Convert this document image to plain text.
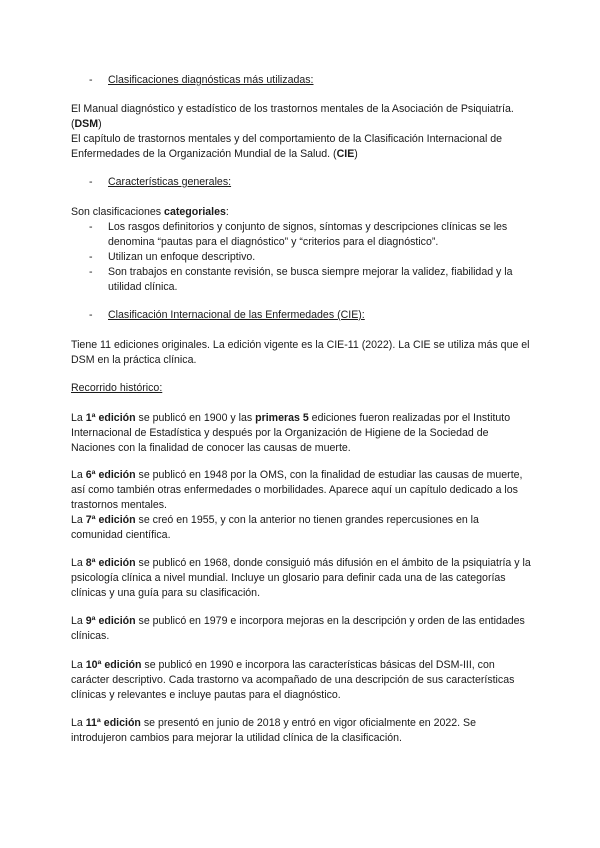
- Clasificaciones diagnósticas más utilizadas:

El Manual diagnóstico y estadístico de los trastornos mentales de la Asociación de Psiquiatría. (DSM)

El capítulo de trastornos mentales y del comportamiento de la Clasificación Internacional de Enfermedades de la Organización Mundial de la Salud. (CIE)

- Características generales:

Son clasificaciones categoriales:

- Los rasgos definitorios y conjunto de signos, síntomas y descripciones clínicas se les denomina “pautas para el diagnóstico” y “criterios para el diagnóstico”.
- Utilizan un enfoque descriptivo.
- Son trabajos en constante revisión, se busca siempre mejorar la validez, fiabilidad y la utilidad clínica.
- Clasificación Internacional de las Enfermedades (CIE):

Tiene 11 ediciones originales. La edición vigente es la CIE-11 (2022). La CIE se utiliza más que el DSM en la práctica clínica.

Recorrido histórico:

La 1ª edición se publicó en 1900 y las primeras 5 ediciones fueron realizadas por el Instituto Internacional de Estadística y después por la Organización de Higiene de la Sociedad de Naciones con la finalidad de conocer las causas de muerte.

La 6ª edición se publicó en 1948 por la OMS, con la finalidad de estudiar las causas de muerte, así como también otras enfermedades o morbilidades. Aparece aquí un capítulo dedicado a los trastornos mentales.

La 7ª edición se creó en 1955, y con la anterior no tienen grandes repercusiones en la comunidad científica.

La 8ª edición se publicó en 1968, donde consiguió más difusión en el ámbito de la psiquiatría y la psicología clínica a nivel mundial. Incluye un glosario para definir cada una de las categorías clínicas y una guía para su clasificación.

La 9ª edición se publicó en 1979 e incorpora mejoras en la descripción y orden de las entidades clínicas.

La 10ª edición se publicó en 1990 e incorpora las características básicas del DSM-III, con carácter descriptivo. Cada trastorno va acompañado de una descripción de sus características clínicas y relevantes e incluye pautas para el diagnóstico.

La 11ª edición se presentó en junio de 2018 y entró en vigor oficialmente en 2022. Se introdujeron cambios para mejorar la utilidad clínica de la clasificación.
